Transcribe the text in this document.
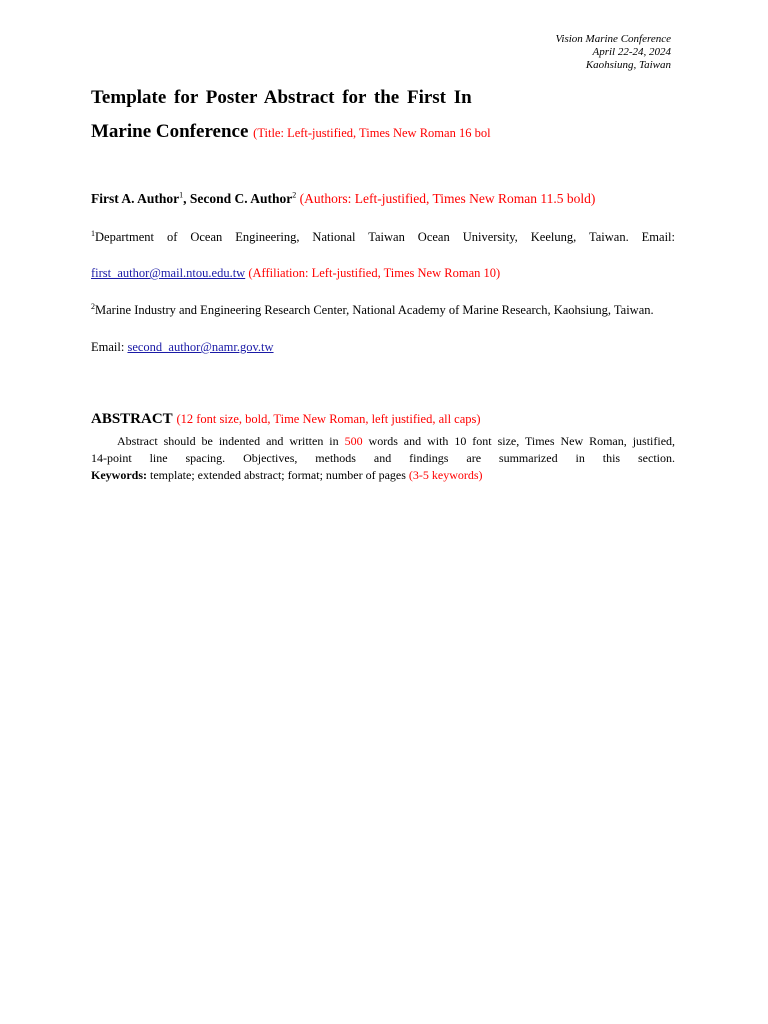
Vision Marine Conference
April 22-24, 2024
Kaohsiung, Taiwan
Template for Poster Abstract for the First In
Marine Conference (Title: Left-justified, Times New Roman 16 bol
First A. Author$^1$, Second C. Author$^2$ (Authors: Left-justified, Times New Roman 11.5 bold)
$^1$Department of Ocean Engineering, National Taiwan Ocean University, Keelung, Taiwan. Email:
first_author@mail.ntou.edu.tw (Affiliation: Left-justified, Times New Roman 10)
$^2$Marine Industry and Engineering Research Center, National Academy of Marine Research, Kaohsiung, Taiwan.
Email: second_author@namr.gov.tw
ABSTRACT (12 font size, bold, Time New Roman, left justified, all caps)
Abstract should be indented and written in 500 words and with 10 font size, Times New Roman, justified,
14-point line spacing. Objectives, methods and findings are summarized in this section.
Keywords: template; extended abstract; format; number of pages (3-5 keywords)
